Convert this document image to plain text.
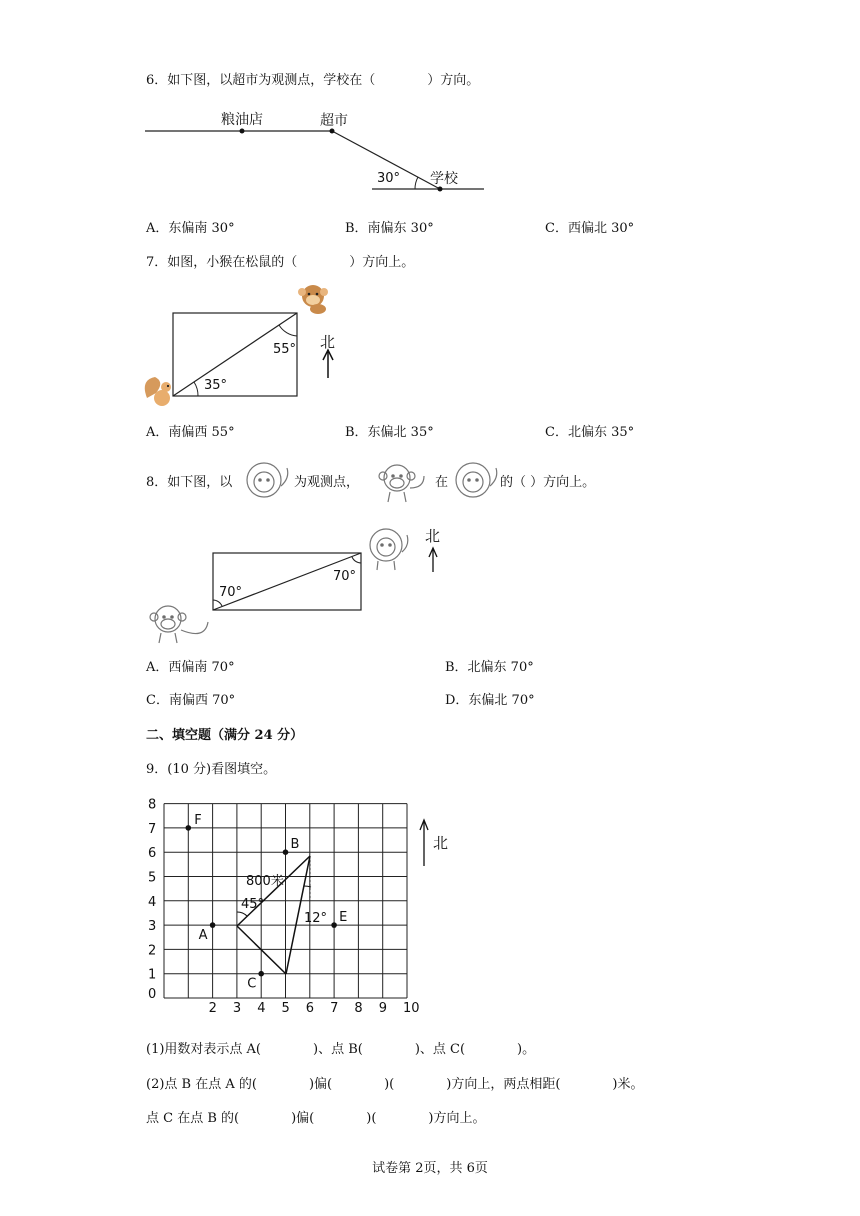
6．如下图，以超市为观测点，学校在（　　　　）方向。
粮油店	超市
学校
30°
A．东偏南 30°	B．南偏东 30°	C．西偏北 30°
7．如图，小猴在松鼠的（　　　　）方向上。
55°
35°
北
A．南偏西 55°	B．东偏北 35°	C．北偏东 35°
8．如下图，以	为观测点，	在	的（ ）方向上。
70°
70°
北
A．西偏南 70°	B．北偏东 70°
C．南偏西 70°	D．东偏北 70°
二、填空题（满分 24 分）
9．(10 分)看图填空。
0
2 3 4 5 6 7 8 9 10
1
2
3
4
5
6
7
8
800米
45°
12°
F
B
E
A
C
北
(1)用数对表示点 A(　　　　)、点 B(　　　　)、点 C(　　　　)。
(2)点 B 在点 A 的(　　　　)偏(　　　　)(　　　　)方向上，两点相距(　　　　)米。
点 C 在点 B 的(　　　　)偏(　　　　)(　　　　)方向上。
试卷第 2页，共 6页
